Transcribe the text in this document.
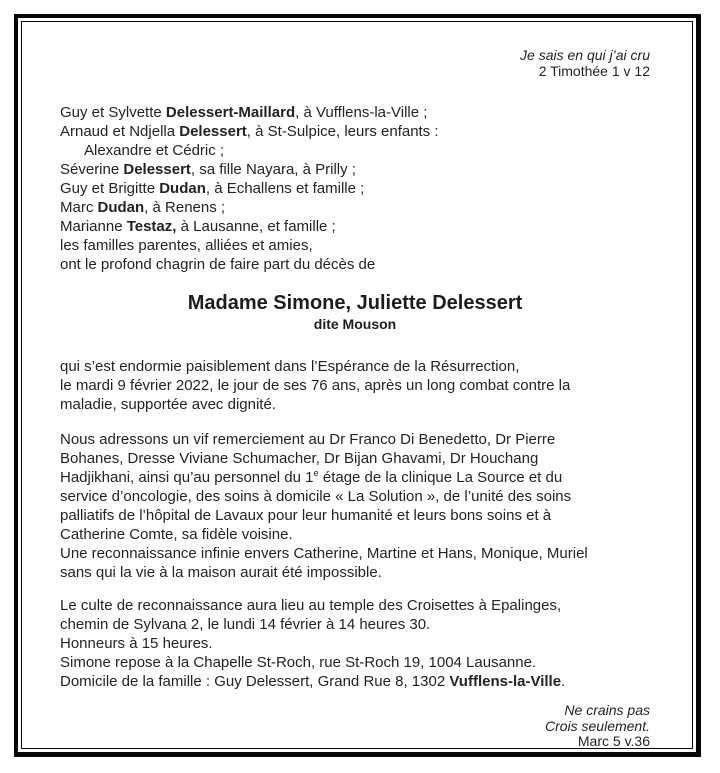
Je sais en qui j’ai cru
2 Timothée 1 v 12
Guy et Sylvette Delessert-Maillard, à Vufflens-la-Ville ;
Arnaud et Ndjella Delessert, à St-Sulpice, leurs enfants :
Alexandre et Cédric ;
Séverine Delessert, sa fille Nayara, à Prilly ;
Guy et Brigitte Dudan, à Echallens et famille ;
Marc Dudan, à Renens ;
Marianne Testaz, à Lausanne, et famille ;
les familles parentes, alliées et amies,
ont le profond chagrin de faire part du décès de
Madame Simone, Juliette Delessert
dite Mouson
qui s’est endormie paisiblement dans l’Espérance de la Résurrection,
le mardi 9 février 2022, le jour de ses 76 ans, après un long combat contre la
maladie, supportée avec dignité.
Nous adressons un vif remerciement au Dr Franco Di Benedetto, Dr Pierre
Bohanes, Dresse Viviane Schumacher, Dr Bijan Ghavami, Dr Houchang
Hadjikhani, ainsi qu’au personnel du 1e étage de la clinique La Source et du
service d’oncologie, des soins à domicile « La Solution », de l’unité des soins
palliatifs de l’hôpital de Lavaux pour leur humanité et leurs bons soins et à
Catherine Comte, sa fidèle voisine.
Une reconnaissance infinie envers Catherine, Martine et Hans, Monique, Muriel
sans qui la vie à la maison aurait été impossible.
Le culte de reconnaissance aura lieu au temple des Croisettes à Epalinges,
chemin de Sylvana 2, le lundi 14 février à 14 heures 30.
Honneurs à 15 heures.
Simone repose à la Chapelle St-Roch, rue St-Roch 19, 1004 Lausanne.
Domicile de la famille : Guy Delessert, Grand Rue 8, 1302 Vufflens-la-Ville.
Ne crains pas
Crois seulement.
Marc 5 v.36
